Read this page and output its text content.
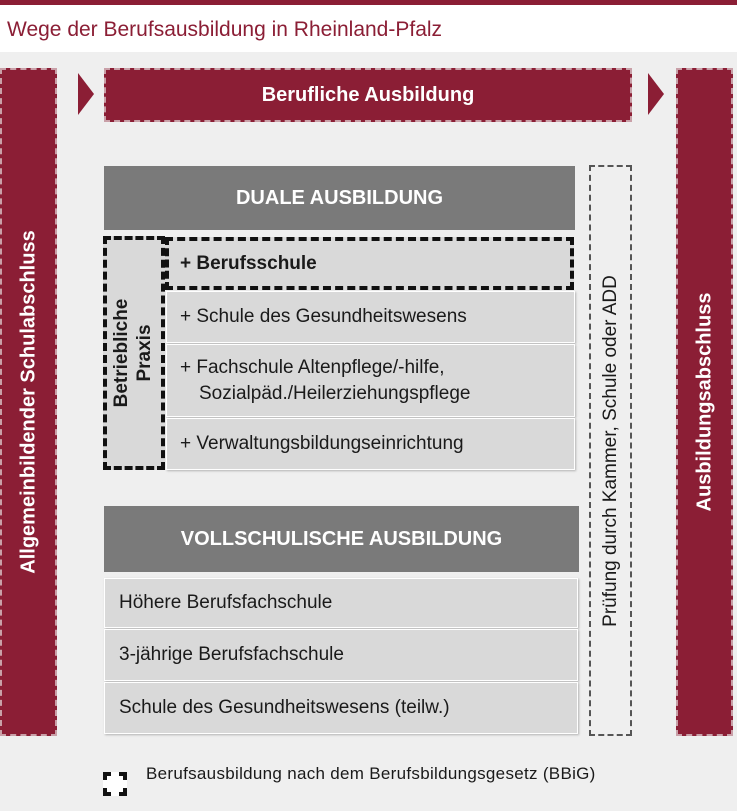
Wege der Berufsausbildung in Rheinland-Pfalz
Allgemeinbildender Schulabschluss
Berufliche Ausbildung
Ausbildungsabschluss
DUALE AUSBILDUNG
Betriebliche Praxis
+ Berufsschule
+ Schule des Gesundheitswesens
+ Fachschule Altenpflege/-hilfe,
Sozialpäd./Heilerziehungspflege
+ Verwaltungsbildungseinrichtung
VOLLSCHULISCHE AUSBILDUNG
Höhere Berufsfachschule
3-jährige Berufsfachschule
Schule des Gesundheitswesens (teilw.)
Prüfung durch Kammer, Schule oder ADD
Berufsausbildung nach dem Berufsbildungsgesetz (BBiG)
